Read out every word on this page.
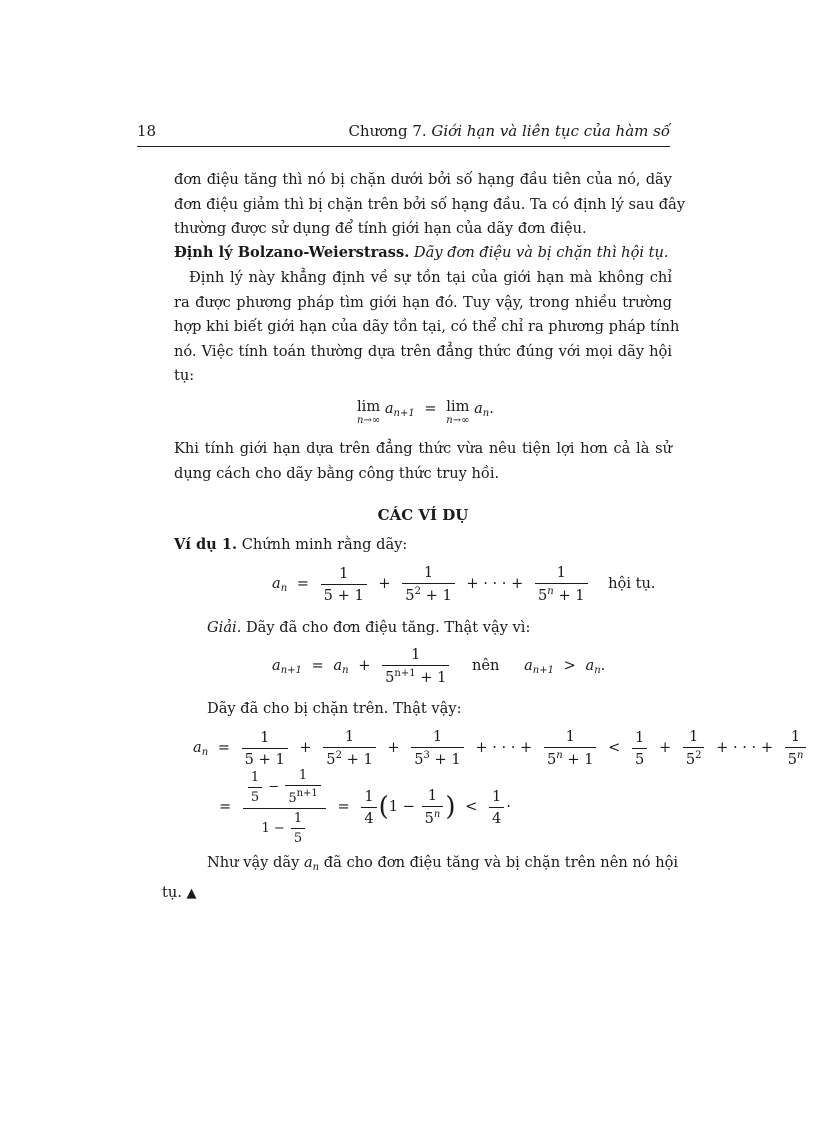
18	Chương 7. Giới hạn và liên tục của hàm số
đơn điệu tăng thì nó bị chặn dưới bởi số hạng đầu tiên của nó, dãy
đơn điệu giảm thì bị chặn trên bởi số hạng đầu. Ta có định lý sau đây
thường được sử dụng để tính giới hạn của dãy đơn điệu.
Định lý Bolzano-Weierstrass. Dãy đơn điệu và bị chặn thì hội tụ.
Định lý này khẳng định về sự tồn tại của giới hạn mà không chỉ
ra được phương pháp tìm giới hạn đó. Tuy vậy, trong nhiều trường
hợp khi biết giới hạn của dãy tồn tại, có thể chỉ ra phương pháp tính
nó. Việc tính toán thường dựa trên đẳng thức đúng với mọi dãy hội
tụ:
lim
n→∞
$a_{n+1} = \lim$
n→∞
$a_n$.
Khi tính giới hạn dựa trên đẳng thức vừa nêu tiện lợi hơn cả là sử
dụng cách cho dãy bằng công thức truy hồi.
CÁC VÍ DỤ
Ví dụ 1. Chứnh minh rằng dãy:
$a_n = \frac{1}{5 + 1} + \frac{1}{5^2 + 1}$ + · · · + $\frac{1}{5^n + 1}$ hội tụ.
Giải. Dãy đã cho đơn điệu tăng. Thật vậy vì:
$a_{n+1} = a_n + \frac{1}{5^{n+1} + 1}$ nên $a_{n+1} > a_n$.
Dãy đã cho bị chặn trên. Thật vậy:
$a_n = \frac{1}{5 + 1} + \frac{1}{5^2 + 1} + \frac{1}{5^3 + 1}$ + · · · + $\frac{1}{5^n + 1} < \frac{1}{5} + \frac{1}{5^2}$ + · · · + $\frac{1}{5^n}$
= $\frac{\frac{1}{5} - \frac{1}{5^{n+1}}}{1 - \frac{1}{5}} = \frac{1}{4} (1 - \frac{1}{5^n}$ ) < $\frac{1}{4}$ ·
Như vậy dãy $a_n$ đã cho đơn điệu tăng và bị chặn trên nên nó hội
tụ. ▲
